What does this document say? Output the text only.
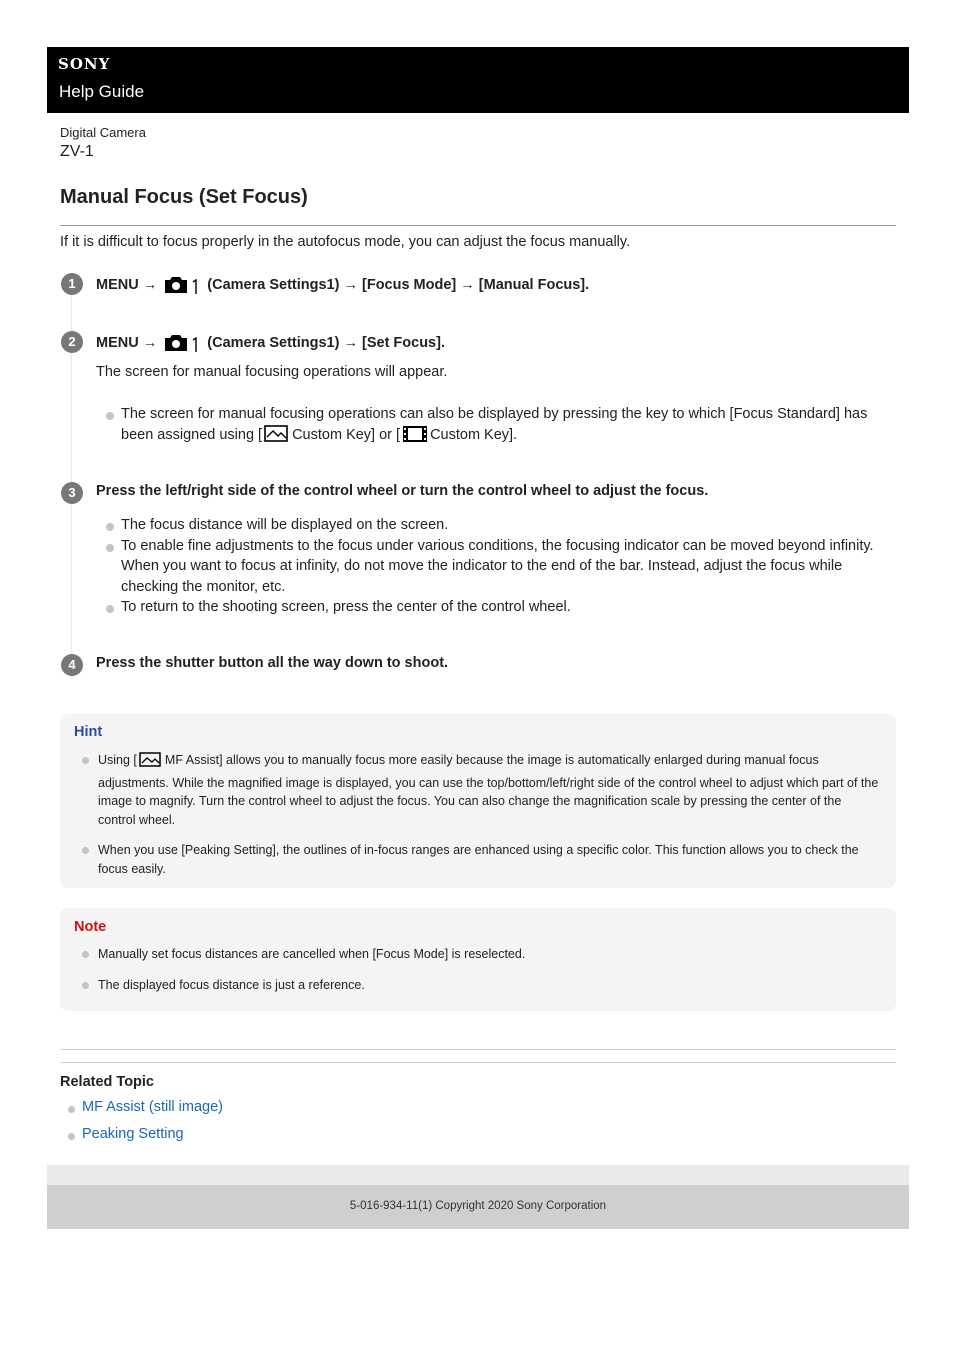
SONY
Help Guide
Digital Camera
ZV-1
Manual Focus (Set Focus)
If it is difficult to focus properly in the autofocus mode, you can adjust the focus manually.
1	MENU →	(Camera Settings1) → [Focus Mode] → [Manual Focus].
2	MENU →	(Camera Settings1) → [Set Focus].
The screen for manual focusing operations will appear.
The screen for manual focusing operations can also be displayed by pressing the key to which [Focus Standard] has been assigned using [ Custom Key] or [ Custom Key].
3	Press the left/right side of the control wheel or turn the control wheel to adjust the focus.
The focus distance will be displayed on the screen.
To enable fine adjustments to the focus under various conditions, the focusing indicator can be moved beyond infinity. When you want to focus at infinity, do not move the indicator to the end of the bar. Instead, adjust the focus while checking the monitor, etc.
To return to the shooting screen, press the center of the control wheel.
4	Press the shutter button all the way down to shoot.
Hint
Using [ MF Assist] allows you to manually focus more easily because the image is automatically enlarged during manual focus adjustments. While the magnified image is displayed, you can use the top/bottom/left/right side of the control wheel to adjust which part of the image to magnify. Turn the control wheel to adjust the focus. You can also change the magnification scale by pressing the center of the control wheel.
When you use [Peaking Setting], the outlines of in-focus ranges are enhanced using a specific color. This function allows you to check the focus easily.
Note
Manually set focus distances are cancelled when [Focus Mode] is reselected.
The displayed focus distance is just a reference.
Related Topic
MF Assist (still image)
Peaking Setting
5-016-934-11(1) Copyright 2020 Sony Corporation
